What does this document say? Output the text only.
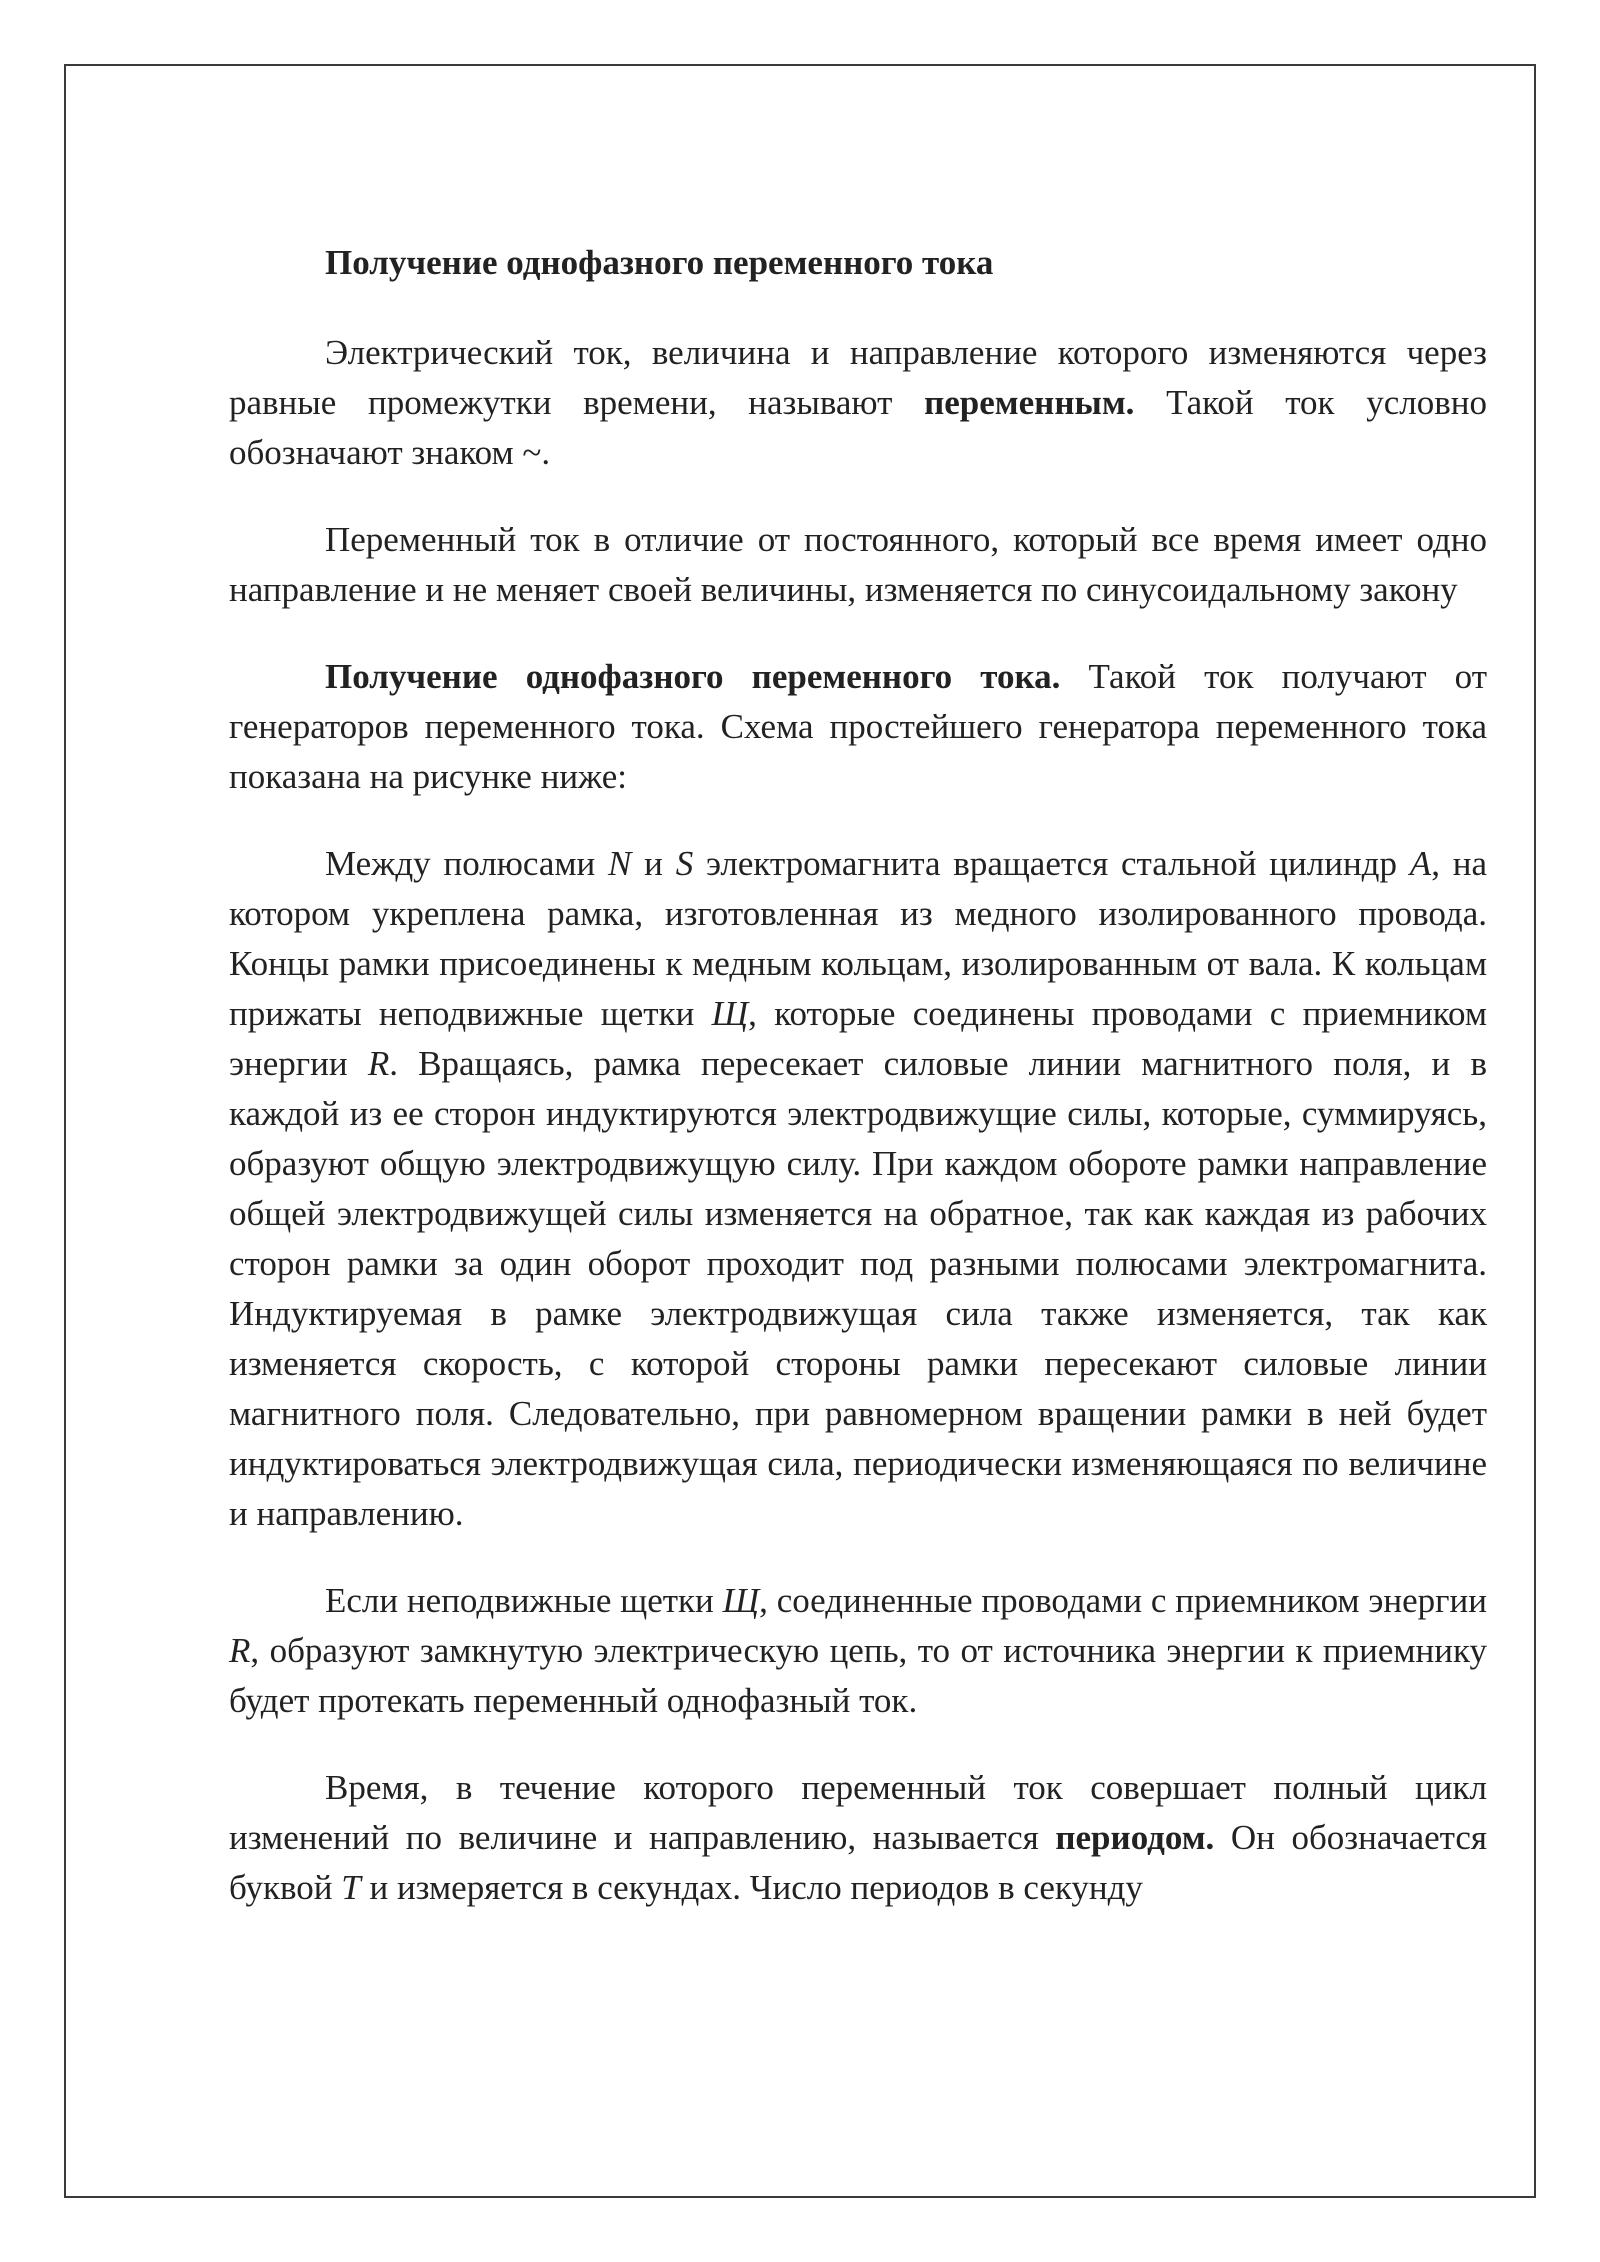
Получение однофазного переменного тока

Электрический ток, величина и направление которого изменяются через равные промежутки времени, называют переменным. Такой ток условно обозначают знаком ~.

Переменный ток в отличие от постоянного, который все время имеет одно направление и не меняет своей величины, изменяется по синусоидальному закону

Получение однофазного переменного тока. Такой ток получают от генераторов переменного тока. Схема простейшего генератора переменного тока показана на рисунке ниже:

Между полюсами N и S электромагнита вращается стальной цилиндр A, на котором укреплена рамка, изготовленная из медного изолированного провода. Концы рамки присоединены к медным кольцам, изолированным от вала. К кольцам прижаты неподвижные щетки Щ, которые соединены проводами с приемником энергии R. Вращаясь, рамка пересекает силовые линии магнитного поля, и в каждой из ее сторон индуктируются электродвижущие силы, которые, суммируясь, образуют общую электродвижущую силу. При каждом обороте рамки направление общей электродвижущей силы изменяется на обратное, так как каждая из рабочих сторон рамки за один оборот проходит под разными полюсами электромагнита. Индуктируемая в рамке электродвижущая сила также изменяется, так как изменяется скорость, с которой стороны рамки пересекают силовые линии магнитного поля. Следовательно, при равномерном вращении рамки в ней будет индуктироваться электродвижущая сила, периодически изменяющаяся по величине и направлению.

Если неподвижные щетки Щ, соединенные проводами с приемником энергии R, образуют замкнутую электрическую цепь, то от источника энергии к приемнику будет протекать переменный однофазный ток.

Время, в течение которого переменный ток совершает полный цикл изменений по величине и направлению, называется периодом. Он обозначается буквой T и измеряется в секундах. Число периодов в секунду
